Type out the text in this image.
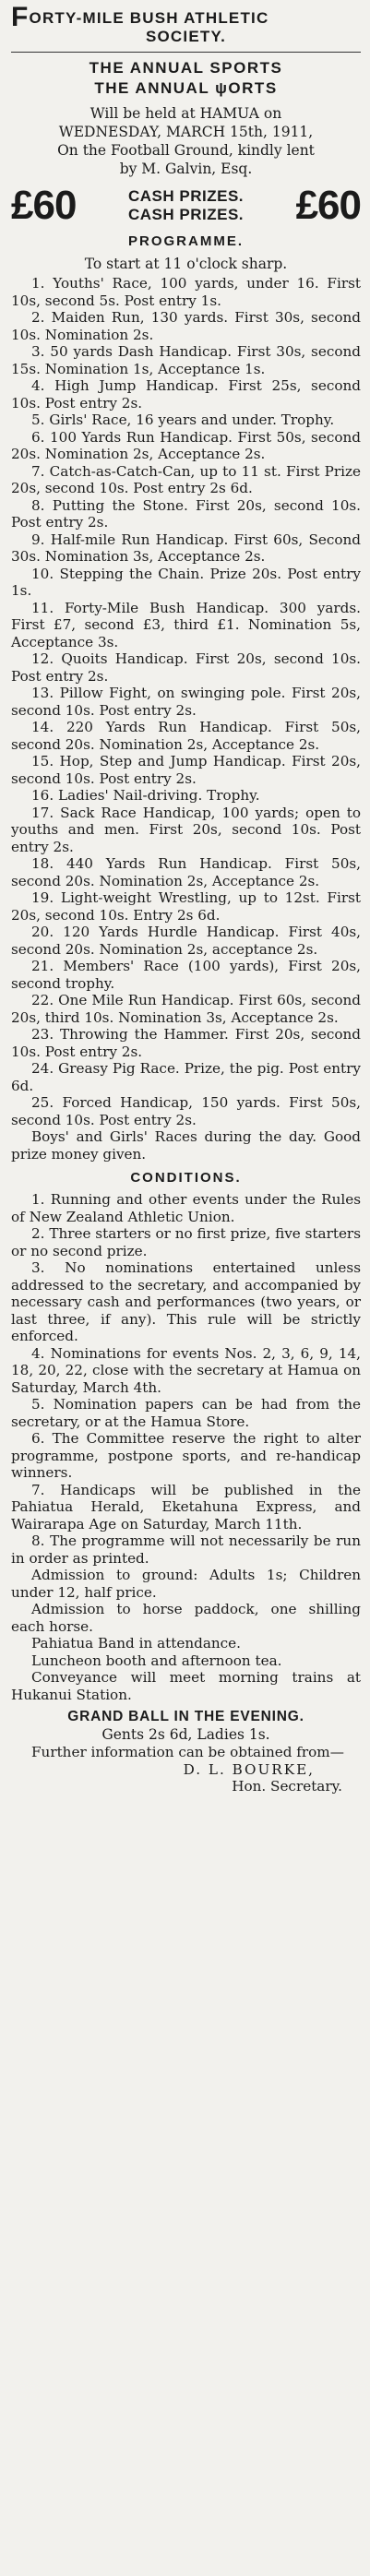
FORTY-MILE BUSH ATHLETIC
SOCIETY.
THE ANNUAL SPORTS
THE ANNUAL ψORTS
Will be held at HAMUA on
WEDNESDAY, MARCH 15th, 1911,
On the Football Ground, kindly lent
by M. Galvin, Esq.
£60	CASH PRIZES.
CASH PRIZES. £60
PROGRAMME.
To start at 11 o'clock sharp.

1. Youths' Race, 100 yards, under 16. First 10s, second 5s. Post entry 1s.

2. Maiden Run, 130 yards. First 30s, second 10s. Nomination 2s.

3. 50 yards Dash Handicap. First 30s, second 15s. Nomination 1s, Acceptance 1s.

4. High Jump Handicap. First 25s, second 10s. Post entry 2s.

5. Girls' Race, 16 years and under. Trophy.

6. 100 Yards Run Handicap. First 50s, second 20s. Nomination 2s, Acceptance 2s.

7. Catch-as-Catch-Can, up to 11 st. First Prize 20s, second 10s. Post entry 2s 6d.

8. Putting the Stone. First 20s, second 10s. Post entry 2s.

9. Half-mile Run Handicap. First 60s, Second 30s. Nomination 3s, Acceptance 2s.

10. Stepping the Chain. Prize 20s. Post entry 1s.

11. Forty-Mile Bush Handicap. 300 yards. First £7, second £3, third £1. Nomination 5s, Acceptance 3s.

12. Quoits Handicap. First 20s, second 10s. Post entry 2s.

13. Pillow Fight, on swinging pole. First 20s, second 10s. Post entry 2s.

14. 220 Yards Run Handicap. First 50s, second 20s. Nomination 2s, Acceptance 2s.

15. Hop, Step and Jump Handicap. First 20s, second 10s. Post entry 2s.

16. Ladies' Nail-driving. Trophy.

17. Sack Race Handicap, 100 yards; open to youths and men. First 20s, second 10s. Post entry 2s.

18. 440 Yards Run Handicap. First 50s, second 20s. Nomination 2s, Acceptance 2s.

19. Light-weight Wrestling, up to 12st. First 20s, second 10s. Entry 2s 6d.

20. 120 Yards Hurdle Handicap. First 40s, second 20s. Nomination 2s, acceptance 2s.

21. Members' Race (100 yards), First 20s, second trophy.

22. One Mile Run Handicap. First 60s, second 20s, third 10s. Nomination 3s, Acceptance 2s.

23. Throwing the Hammer. First 20s, second 10s. Post entry 2s.

24. Greasy Pig Race. Prize, the pig. Post entry 6d.

25. Forced Handicap, 150 yards. First 50s, second 10s. Post entry 2s.

Boys' and Girls' Races during the day. Good prize money given.

CONDITIONS.

1. Running and other events under the Rules of New Zealand Athletic Union.

2. Three starters or no first prize, five starters or no second prize.

3. No nominations entertained unless addressed to the secretary, and accompanied by necessary cash and performances (two years, or last three, if any). This rule will be strictly enforced.

4. Nominations for events Nos. 2, 3, 6, 9, 14, 18, 20, 22, close with the secretary at Hamua on Saturday, March 4th.

5. Nomination papers can be had from the secretary, or at the Hamua Store.

6. The Committee reserve the right to alter programme, postpone sports, and re-handicap winners.

7. Handicaps will be published in the Pahiatua Herald, Eketahuna Express, and Wairarapa Age on Saturday, March 11th.

8. The programme will not necessarily be run in order as printed.

Admission to ground: Adults 1s; Children under 12, half price.

Admission to horse paddock, one shilling each horse.

Pahiatua Band in attendance.

Luncheon booth and afternoon tea.

Conveyance will meet morning trains at Hukanui Station.

GRAND BALL IN THE EVENING.
Gents 2s 6d, Ladies 1s.

Further information can be obtained from—

D. L. BOURKE,
Hon. Secretary.
